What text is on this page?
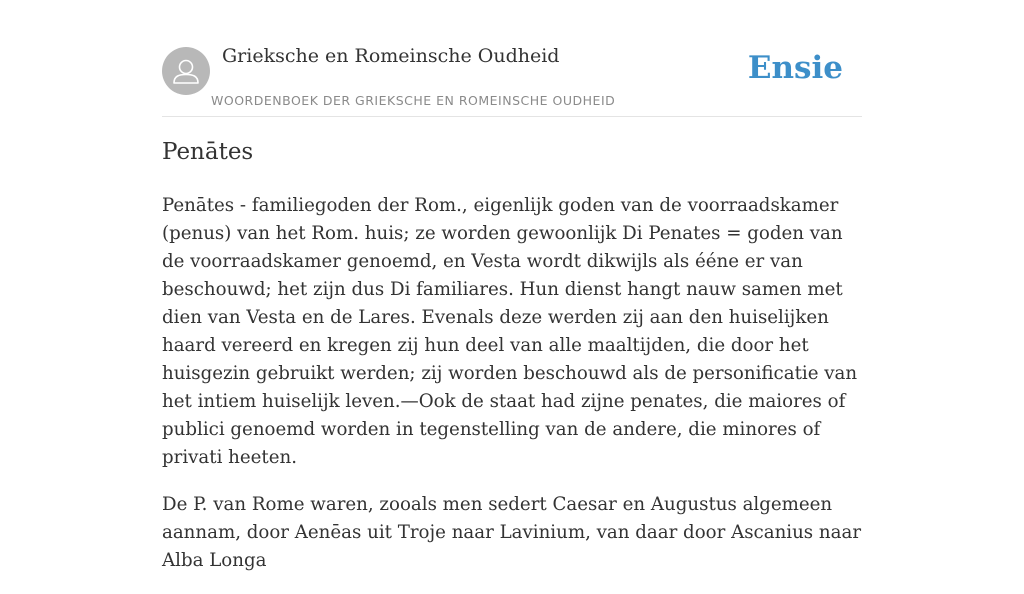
Grieksche en Romeinsche Oudheid
WOORDENBOEK DER GRIEKSCHE EN ROMEINSCHE OUDHEID
Ensie
Penātes

Penātes - familiegoden der Rom., eigenlijk goden van de voorraadskamer (penus) van het Rom. huis; ze worden gewoonlijk Di Penates = goden van de voorraadskamer genoemd, en Vesta wordt dikwijls als ééne er van beschouwd; het zijn dus Di familiares. Hun dienst hangt nauw samen met dien van Vesta en de Lares. Evenals deze werden zij aan den huiselijken haard vereerd en kregen zij hun deel van alle maaltijden, die door het huisgezin gebruikt werden; zij worden beschouwd als de personificatie van het intiem huiselijk leven.—Ook de staat had zijne penates, die maiores of publici genoemd worden in tegenstelling van de andere, die minores of privati heeten.

De P. van Rome waren, zooals men sedert Caesar en Augustus algemeen aannam, door Aenēas uit Troje naar Lavinium, van daar door Ascanius naar Alba Longa
